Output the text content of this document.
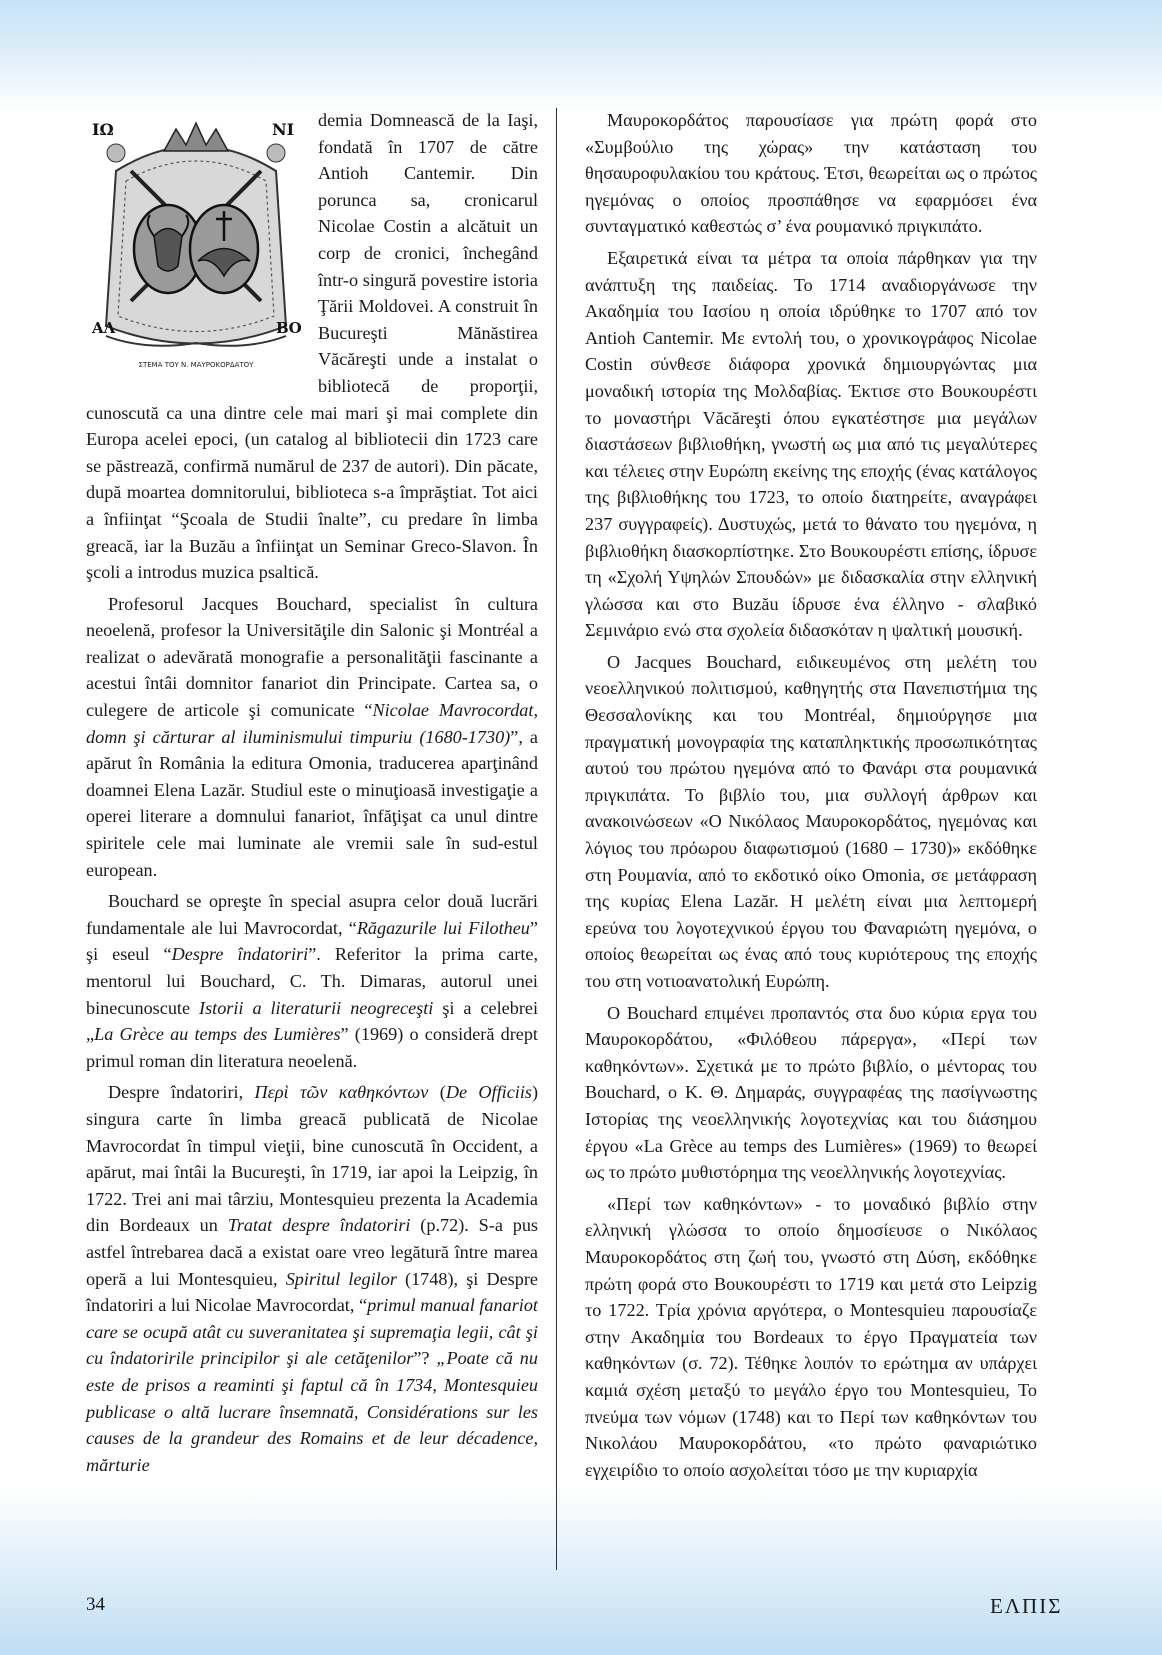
ΙΩ	ΝΙ
ΑΛ	ΒΟ
ΣΤΕΜΑ ΤΟΥ Ν. ΜΑΥΡΟΚΟΡΔΑΤΟΥ

demia Domnească de la Iaşi, fondată în 1707 de către Antioh Cantemir. Din porunca sa, cronicarul Nicolae Costin a alcătuit un corp de cronici, închegând într-o singură povestire istoria Ţării Moldovei. A construit în Bucureşti Mănăstirea Văcăreşti unde a instalat o bibliotecă de proporţii, cunoscută ca una dintre cele mai mari şi mai complete din Europa acelei epoci, (un catalog al bibliotecii din 1723 care se păstrează, confirmă numărul de 237 de autori). Din păcate, după moartea domnitorului, biblioteca s-a împrăştiat. Tot aici a înfiinţat “Şcoala de Studii înalte”, cu predare în limba greacă, iar la Buzău a înfiinţat un Seminar Greco-Slavon. În şcoli a introdus muzica psaltică.

Profesorul Jacques Bouchard, specialist în cultura neoelenă, profesor la Universităţile din Salonic şi Montréal a realizat o adevărată monografie a personalităţii fascinante a acestui întâi domnitor fanariot din Principate. Cartea sa, o culegere de articole şi comunicate “Nicolae Mavrocordat, domn şi cărturar al iluminismului timpuriu (1680-1730)”, a apărut în România la editura Omonia, traducerea aparţinând doamnei Elena Lazăr. Studiul este o minuţioasă investigaţie a operei literare a domnului fanariot, înfăţişat ca unul dintre spiritele cele mai luminate ale vremii sale în sud-estul european.

Bouchard se opreşte în special asupra celor două lucrări fundamentale ale lui Mavrocordat, “Răgazurile lui Filotheu” şi eseul “Despre îndatoriri”. Referitor la prima carte, mentorul lui Bouchard, C. Th. Dimaras, autorul unei binecunoscute Istorii a literaturii neogreceşti şi a celebrei „La Grèce au temps des Lumières” (1969) o consideră drept primul roman din literatura neoelenă.

Despre îndatoriri, Περὶ τῶν καθηκόντων (De Officiis) singura carte în limba greacă publicată de Nicolae Mavrocordat în timpul vieţii, bine cunoscută în Occident, a apărut, mai întâi la Bucureşti, în 1719, iar apoi la Leipzig, în 1722. Trei ani mai târziu, Montesquieu prezenta la Academia din Bordeaux un Tratat despre îndatoriri (p.72). S-a pus astfel întrebarea dacă a existat oare vreo legătură între marea operă a lui Montesquieu, Spiritul legilor (1748), şi Despre îndatoriri a lui Nicolae Mavrocordat, “primul manual fanariot care se ocupă atât cu suveranitatea şi supremaţia legii, cât şi cu îndatoririle principilor şi ale cetăţenilor”? „Poate că nu este de prisos a reaminti şi faptul că în 1734, Montesquieu publicase o altă lucrare însemnată, Considérations sur les causes de la grandeur des Romains et de leur décadence, mărturie

Μαυροκορδάτος παρουσίασε για πρώτη φορά στο «Συμβούλιο της χώρας» την κατάσταση του θησαυροφυλακίου του κράτους. Έτσι, θεωρείται ως ο πρώτος ηγεμόνας ο οποίος προσπάθησε να εφαρμόσει ένα συνταγματικό καθεστώς σ’ ένα ρουμανικό πριγκιπάτο.

Εξαιρετικά είναι τα μέτρα τα οποία πάρθηκαν για την ανάπτυξη της παιδείας. Το 1714 αναδιοργάνωσε την Ακαδημία του Ιασίου η οποία ιδρύθηκε το 1707 από τον Antioh Cantemir. Με εντολή του, ο χρονικογράφος Nicolae Costin σύνθεσε διάφορα χρονικά δημιουργώντας μια μοναδική ιστορία της Μολδαβίας. Έκτισε στο Βουκουρέστι το μοναστήρι Văcăreşti όπου εγκατέστησε μια μεγάλων διαστάσεων βιβλιοθήκη, γνωστή ως μια από τις μεγαλύτερες και τέλειες στην Ευρώπη εκείνης της εποχής (ένας κατάλογος της βιβλιοθήκης του 1723, το οποίο διατηρείτε, αναγράφει 237 συγγραφείς). Δυστυχώς, μετά το θάνατο του ηγεμόνα, η βιβλιοθήκη διασκορπίστηκε. Στο Βουκουρέστι επίσης, ίδρυσε τη «Σχολή Υψηλών Σπουδών» με διδασκαλία στην ελληνική γλώσσα και στο Buzău ίδρυσε ένα έλληνο - σλαβικό Σεμινάριο ενώ στα σχολεία διδασκόταν η ψαλτική μουσική.

Ο Jacques Bouchard, ειδικευμένος στη μελέτη του νεοελληνικού πολιτισμού, καθηγητής στα Πανεπιστήμια της Θεσσαλονίκης και του Montréal, δημιούργησε μια πραγματική μονογραφία της καταπληκτικής προσωπικότητας αυτού του πρώτου ηγεμόνα από το Φανάρι στα ρουμανικά πριγκιπάτα. Το βιβλίο του, μια συλλογή άρθρων και ανακοινώσεων «Ο Νικόλαος Μαυροκορδάτος, ηγεμόνας και λόγιος του πρόωρου διαφωτισμού (1680 – 1730)» εκδόθηκε στη Ρουμανία, από το εκδοτικό οίκο Omonia, σε μετάφραση της κυρίας Elena Lazăr. Η μελέτη είναι μια λεπτομερή ερεύνα του λογοτεχνικού έργου του Φαναριώτη ηγεμόνα, ο οποίος θεωρείται ως ένας από τους κυριότερους της εποχής του στη νοτιοανατολική Ευρώπη.

Ο Bouchard επιμένει προπαντός στα δυο κύρια εργα του Μαυροκορδάτου, «Φιλόθεου πάρεργα», «Περί των καθηκόντων». Σχετικά με το πρώτο βιβλίο, ο μέντορας του Bouchard, ο Κ. Θ. Δημαράς, συγγραφέας της πασίγνωστης Ιστορίας της νεοελληνικής λογοτεχνίας και του διάσημου έργου «La Grèce au temps des Lumières» (1969) το θεωρεί ως το πρώτο μυθιστόρημα της νεοελληνικής λογοτεχνίας.

«Περί των καθηκόντων» - το μοναδικό βιβλίο στην ελληνική γλώσσα το οποίο δημοσίευσε ο Νικόλαος Μαυροκορδάτος στη ζωή του, γνωστό στη Δύση, εκδόθηκε πρώτη φορά στο Βουκουρέστι το 1719 και μετά στο Leipzig το 1722. Τρία χρόνια αργότερα, ο Montesquieu παρουσίαζε στην Ακαδημία του Bordeaux το έργο Πραγματεία των καθηκόντων (σ. 72). Τέθηκε λοιπόν το ερώτημα αν υπάρχει καμιά σχέση μεταξύ το μεγάλο έργο του Montesquieu, Το πνεύμα των νόμων (1748) και το Περί των καθηκόντων του Νικολάου Μαυροκορδάτου, «το πρώτο φαναριώτικο εγχειρίδιο το οποίο ασχολείται τόσο με την κυριαρχία

34	ΕΛΠΙΣ
